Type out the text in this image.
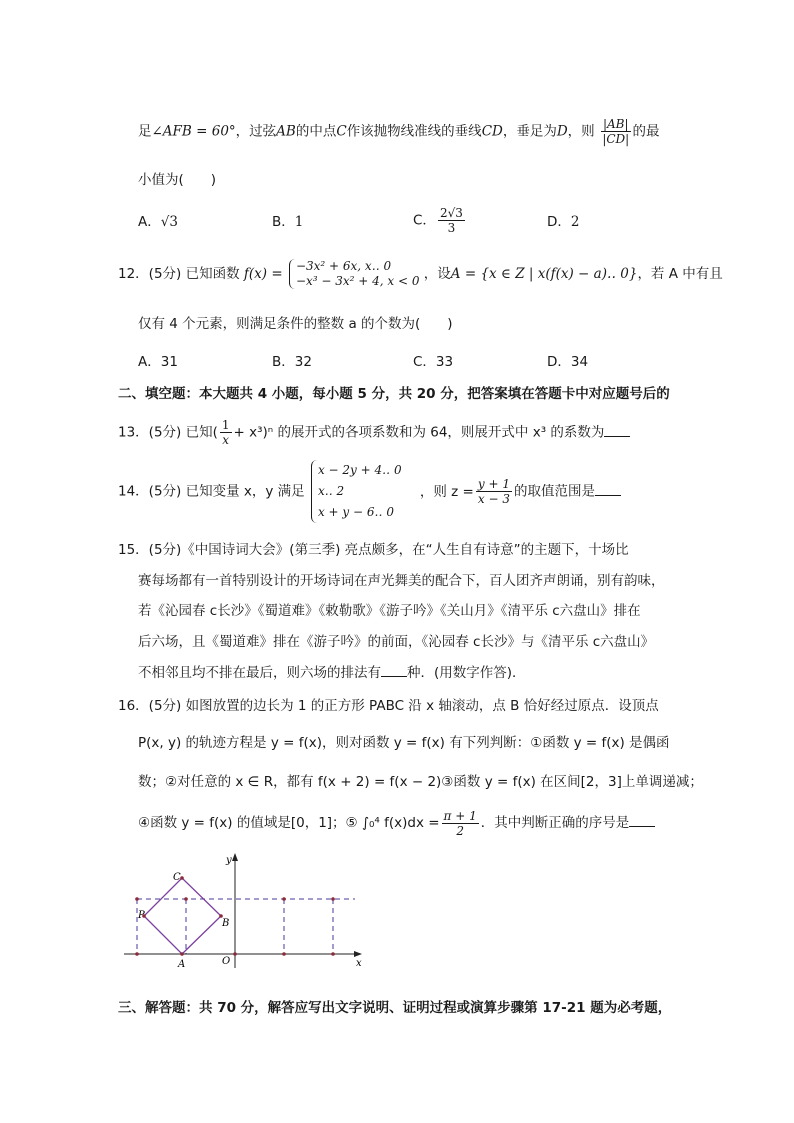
足∠AFB = 60°，过弦AB的中点C作该抛物线准线的垂线CD，垂足为D，则 $\frac{|AB|}{|CD|}$ 的最
小值为(　　)
A．√3	B．1	C． $\frac{2√3}{3}$	D．2
12．(5分) 已知函数 f(x) = −3x² + 6x, x‥ 0
−x³ − 3x² + 4, x < 0 ，设A = {x ∈ Z | x(f(x) − a)‥ 0}，若 A 中有且
仅有 4 个元素，则满足条件的整数 a 的个数为(　　)
A．31	B．32	C．33	D．34
二、填空题：本大题共 4 小题，每小题 5 分，共 20 分，把答案填在答题卡中对应题号后的
13．(5分) 已知( $\frac{1}{x} + x^3)^n$ 的展开式的各项系数和为 64，则展开式中 x³ 的系数为
14．(5分) 已知变量 x，y 满足
x − 2y + 4‥ 0
x‥ 2
x + y − 6‥ 0
，则 $z = \frac{y + 1}{x - 3}$ 的取值范围是
15．(5分)《中国诗词大会》(第三季) 亮点颇多，在“人生自有诗意”的主题下，十场比
赛每场都有一首特别设计的开场诗词在声光舞美的配合下，百人团齐声朗诵，别有韵味，
若《沁园春 c长沙》《蜀道难》《敕勒歌》《游子吟》《关山月》《清平乐 c六盘山》排在
后六场，且《蜀道难》排在《游子吟》的前面，《沁园春 c长沙》与《清平乐 c六盘山》
不相邻且均不排在最后，则六场的排法有 种．(用数字作答)．
16．(5分) 如图放置的边长为 1 的正方形 PABC 沿 x 轴滚动，点 B 恰好经过原点．设顶点
P(x, y) 的轨迹方程是 y = f(x)，则对函数 y = f(x) 有下列判断：①函数 y = f(x) 是偶函
数；②对任意的 x ∈ R，都有 f(x + 2) = f(x − 2)③函数 y = f(x) 在区间[2，3]上单调递减；
④函数 y = f(x) 的值域是[0，1]；⑤ ∫₀⁴ $f(x)dx = \frac{\pi + 1}{2}$ ．其中判断正确的序号是
y
x
C
P
B
A	O
三、解答题：共 70 分，解答应写出文字说明、证明过程或演算步骤第 17-21 题为必考题，
